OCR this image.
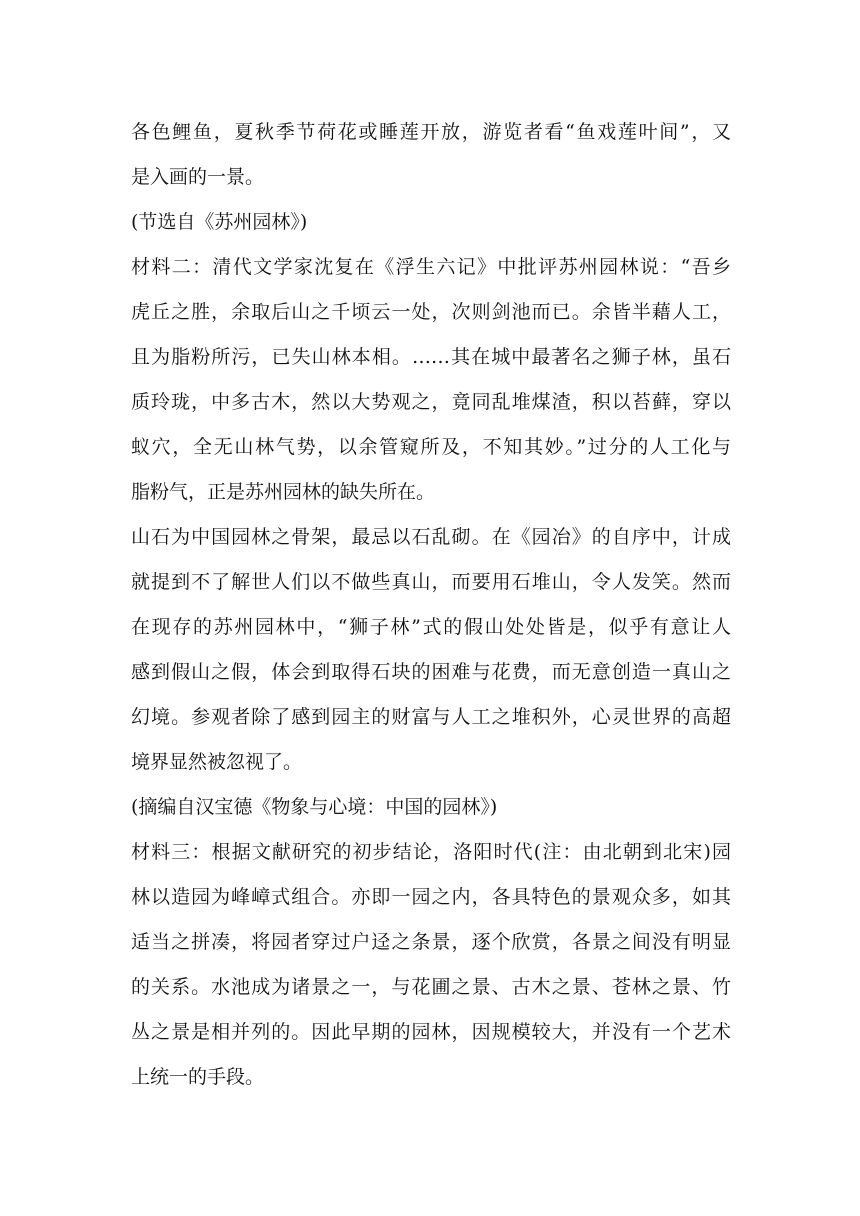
各色鲤鱼，夏秋季节荷花或睡莲开放，游览者看“鱼戏莲叶间”，又
是入画的一景。

(节选自《苏州园林》)

材料二：清代文学家沈复在《浮生六记》中批评苏州园林说：“吾乡
虎丘之胜，余取后山之千顷云一处，次则剑池而已。余皆半藉人工，
且为脂粉所污，已失山林本相。……其在城中最著名之狮子林，虽石
质玲珑，中多古木，然以大势观之，竟同乱堆煤渣，积以苔藓，穿以
蚁穴，全无山林气势，以余管窥所及，不知其妙。”过分的人工化与
脂粉气，正是苏州园林的缺失所在。

山石为中国园林之骨架，最忌以石乱砌。在《园冶》的自序中，计成
就提到不了解世人们以不做些真山，而要用石堆山，令人发笑。然而
在现存的苏州园林中，“狮子林”式的假山处处皆是，似乎有意让人
感到假山之假，体会到取得石块的困难与花费，而无意创造一真山之
幻境。参观者除了感到园主的财富与人工之堆积外，心灵世界的高超
境界显然被忽视了。

(摘编自汉宝德《物象与心境：中国的园林》)

材料三：根据文献研究的初步结论，洛阳时代(注：由北朝到北宋)园
林以造园为峰嶂式组合。亦即一园之内，各具特色的景观众多，如其
适当之拼凑，将园者穿过户迳之条景，逐个欣赏，各景之间没有明显
的关系。水池成为诸景之一，与花圃之景、古木之景、苍林之景、竹
丛之景是相并列的。因此早期的园林，因规模较大，并没有一个艺术
上统一的手段。
